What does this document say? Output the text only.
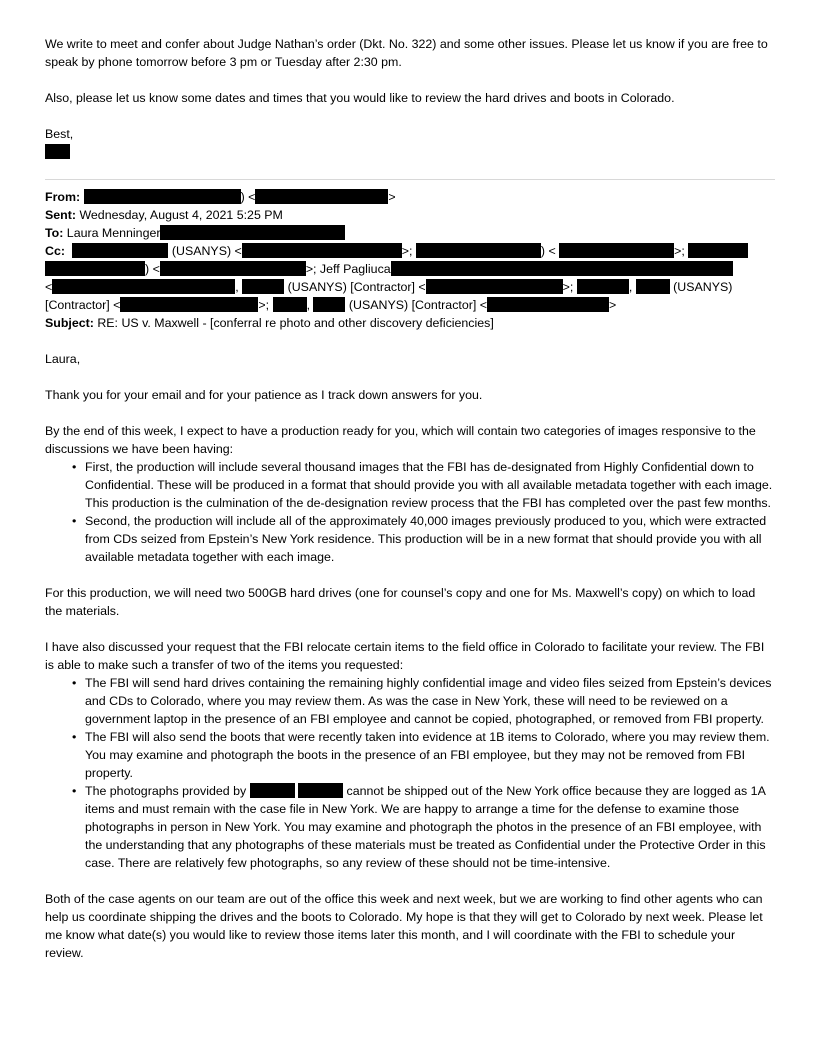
We write to meet and confer about Judge Nathan’s order (Dkt. No. 322) and some other issues. Please let us know if you are free to speak by phone tomorrow before 3 pm or Tuesday after 2:30 pm.

Also, please let us know some dates and times that you would like to review the hard drives and boots in Colorado.

Best,

From:	) <	>

Sent: Wednesday, August 4, 2021 5:25 PM

To: Laura Menninger

Cc:	(USANYS) <	>;	) <	>;

) <	>; Jeff Pagliuca

<	,	(USANYS) [Contractor] <	>;	,	(USANYS)

[Contractor] <	>;	,	(USANYS) [Contractor] <	>

Subject: RE: US v. Maxwell - [conferral re photo and other discovery deficiencies]

Laura,

Thank you for your email and for your patience as I track down answers for you.

By the end of this week, I expect to have a production ready for you, which will contain two categories of images responsive to the discussions we have been having:

• First, the production will include several thousand images that the FBI has de-designated from Highly Confidential down to Confidential. These will be produced in a format that should provide you with all available metadata together with each image. This production is the culmination of the de-designation review process that the FBI has completed over the past few months.
• Second, the production will include all of the approximately 40,000 images previously produced to you, which were extracted from CDs seized from Epstein’s New York residence. This production will be in a new format that should provide you with all available metadata together with each image.

For this production, we will need two 500GB hard drives (one for counsel’s copy and one for Ms. Maxwell’s copy) on which to load the materials.

I have also discussed your request that the FBI relocate certain items to the field office in Colorado to facilitate your review. The FBI is able to make such a transfer of two of the items you requested:

• The FBI will send hard drives containing the remaining highly confidential image and video files seized from Epstein’s devices and CDs to Colorado, where you may review them. As was the case in New York, these will need to be reviewed on a government laptop in the presence of an FBI employee and cannot be copied, photographed, or removed from FBI property.
• The FBI will also send the boots that were recently taken into evidence at 1B items to Colorado, where you may review them. You may examine and photograph the boots in the presence of an FBI employee, but they may not be removed from FBI property.
• The photographs provided by	cannot be shipped out of the New York office because they are logged as 1A items and must remain with the case file in New York. We are happy to arrange a time for the defense to examine those photographs in person in New York. You may examine and photograph the photos in the presence of an FBI employee, with the understanding that any photographs of these materials must be treated as Confidential under the Protective Order in this case. There are relatively few photographs, so any review of these should not be time-intensive.

Both of the case agents on our team are out of the office this week and next week, but we are working to find other agents who can help us coordinate shipping the drives and the boots to Colorado. My hope is that they will get to Colorado by next week. Please let me know what date(s) you would like to review those items later this month, and I will coordinate with the FBI to schedule your review.
